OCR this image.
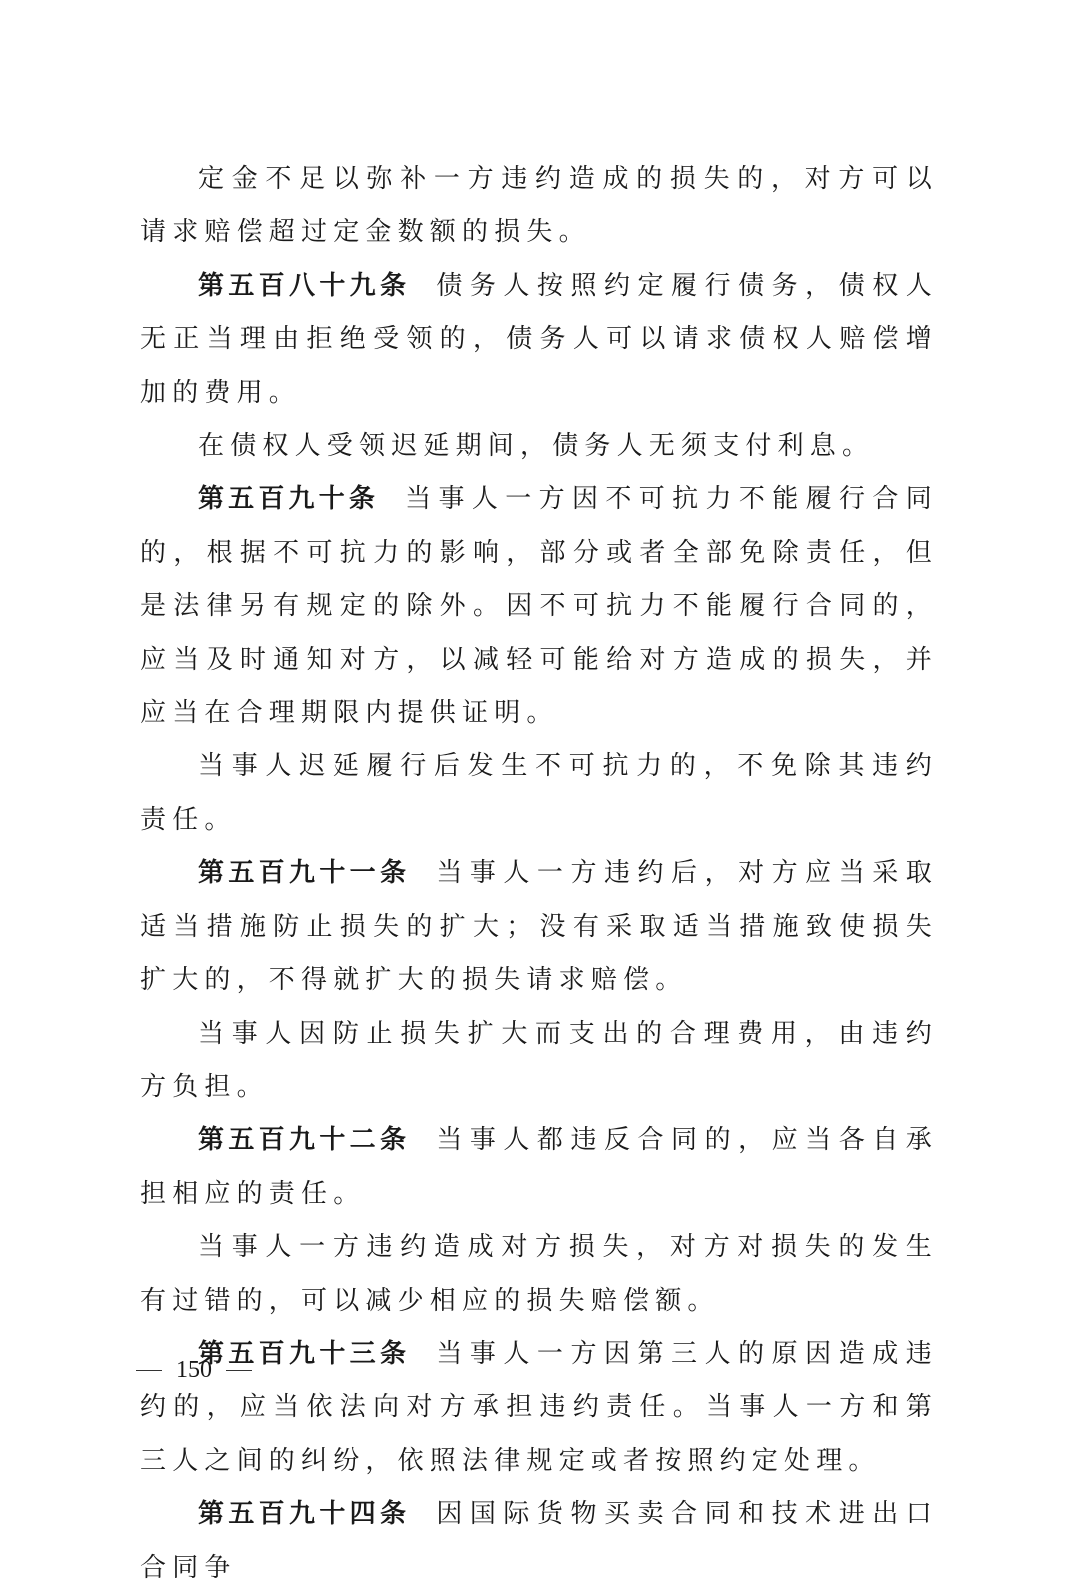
定金不足以弥补一方违约造成的损失的，对方可以请求赔偿超过定金数额的损失。

第五百八十九条 债务人按照约定履行债务，债权人无正当理由拒绝受领的，债务人可以请求债权人赔偿增加的费用。

在债权人受领迟延期间，债务人无须支付利息。

第五百九十条 当事人一方因不可抗力不能履行合同的，根据不可抗力的影响，部分或者全部免除责任，但是法律另有规定的除外。因不可抗力不能履行合同的，应当及时通知对方，以减轻可能给对方造成的损失，并应当在合理期限内提供证明。

当事人迟延履行后发生不可抗力的，不免除其违约责任。

第五百九十一条 当事人一方违约后，对方应当采取适当措施防止损失的扩大；没有采取适当措施致使损失扩大的，不得就扩大的损失请求赔偿。

当事人因防止损失扩大而支出的合理费用，由违约方负担。

第五百九十二条 当事人都违反合同的，应当各自承担相应的责任。

当事人一方违约造成对方损失，对方对损失的发生有过错的，可以减少相应的损失赔偿额。

第五百九十三条 当事人一方因第三人的原因造成违约的，应当依法向对方承担违约责任。当事人一方和第三人之间的纠纷，依照法律规定或者按照约定处理。

第五百九十四条 因国际货物买卖合同和技术进出口合同争

150
